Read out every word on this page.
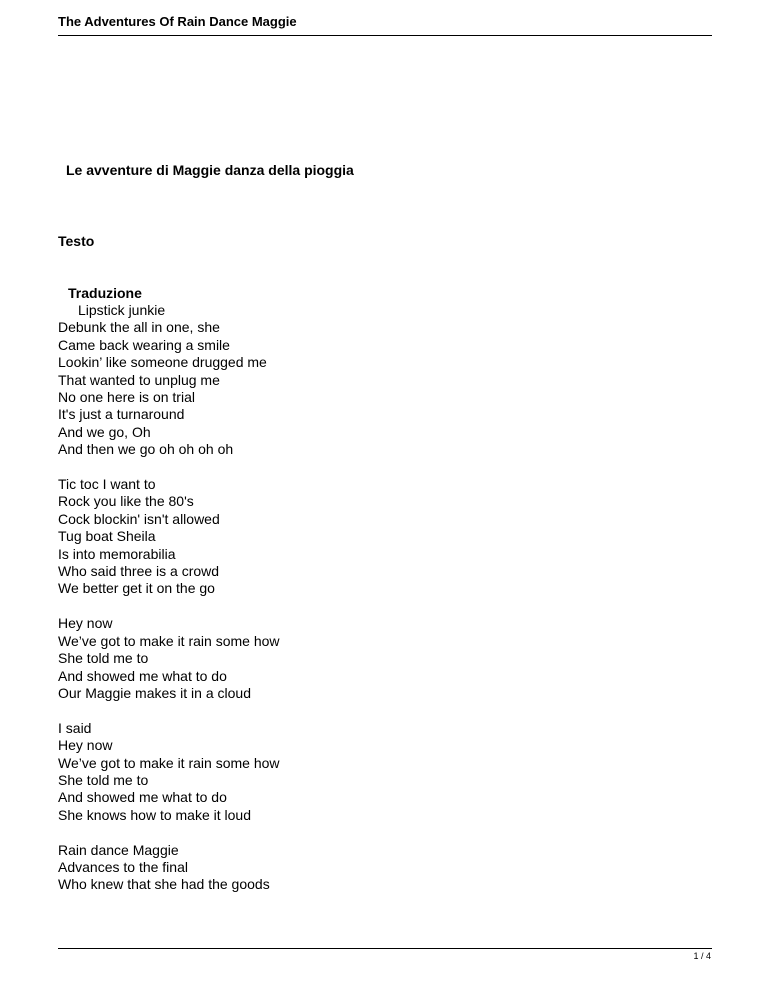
The Adventures Of Rain Dance Maggie
Le avventure di Maggie danza della pioggia
Testo
Traduzione
Lipstick junkie
Debunk the all in one, she
Came back wearing a smile
Lookin’ like someone drugged me
That wanted to unplug me
No one here is on trial
It's just a turnaround
And we go, Oh
And then we go oh oh oh oh
Tic toc I want to
Rock you like the 80's
Cock blockin' isn't allowed
Tug boat Sheila
Is into memorabilia
Who said three is a crowd
We better get it on the go
Hey now
We’ve got to make it rain some how
She told me to
And showed me what to do
Our Maggie makes it in a cloud
I said
Hey now
We’ve got to make it rain some how
She told me to
And showed me what to do
She knows how to make it loud
Rain dance Maggie
Advances to the final
Who knew that she had the goods
1 / 4
